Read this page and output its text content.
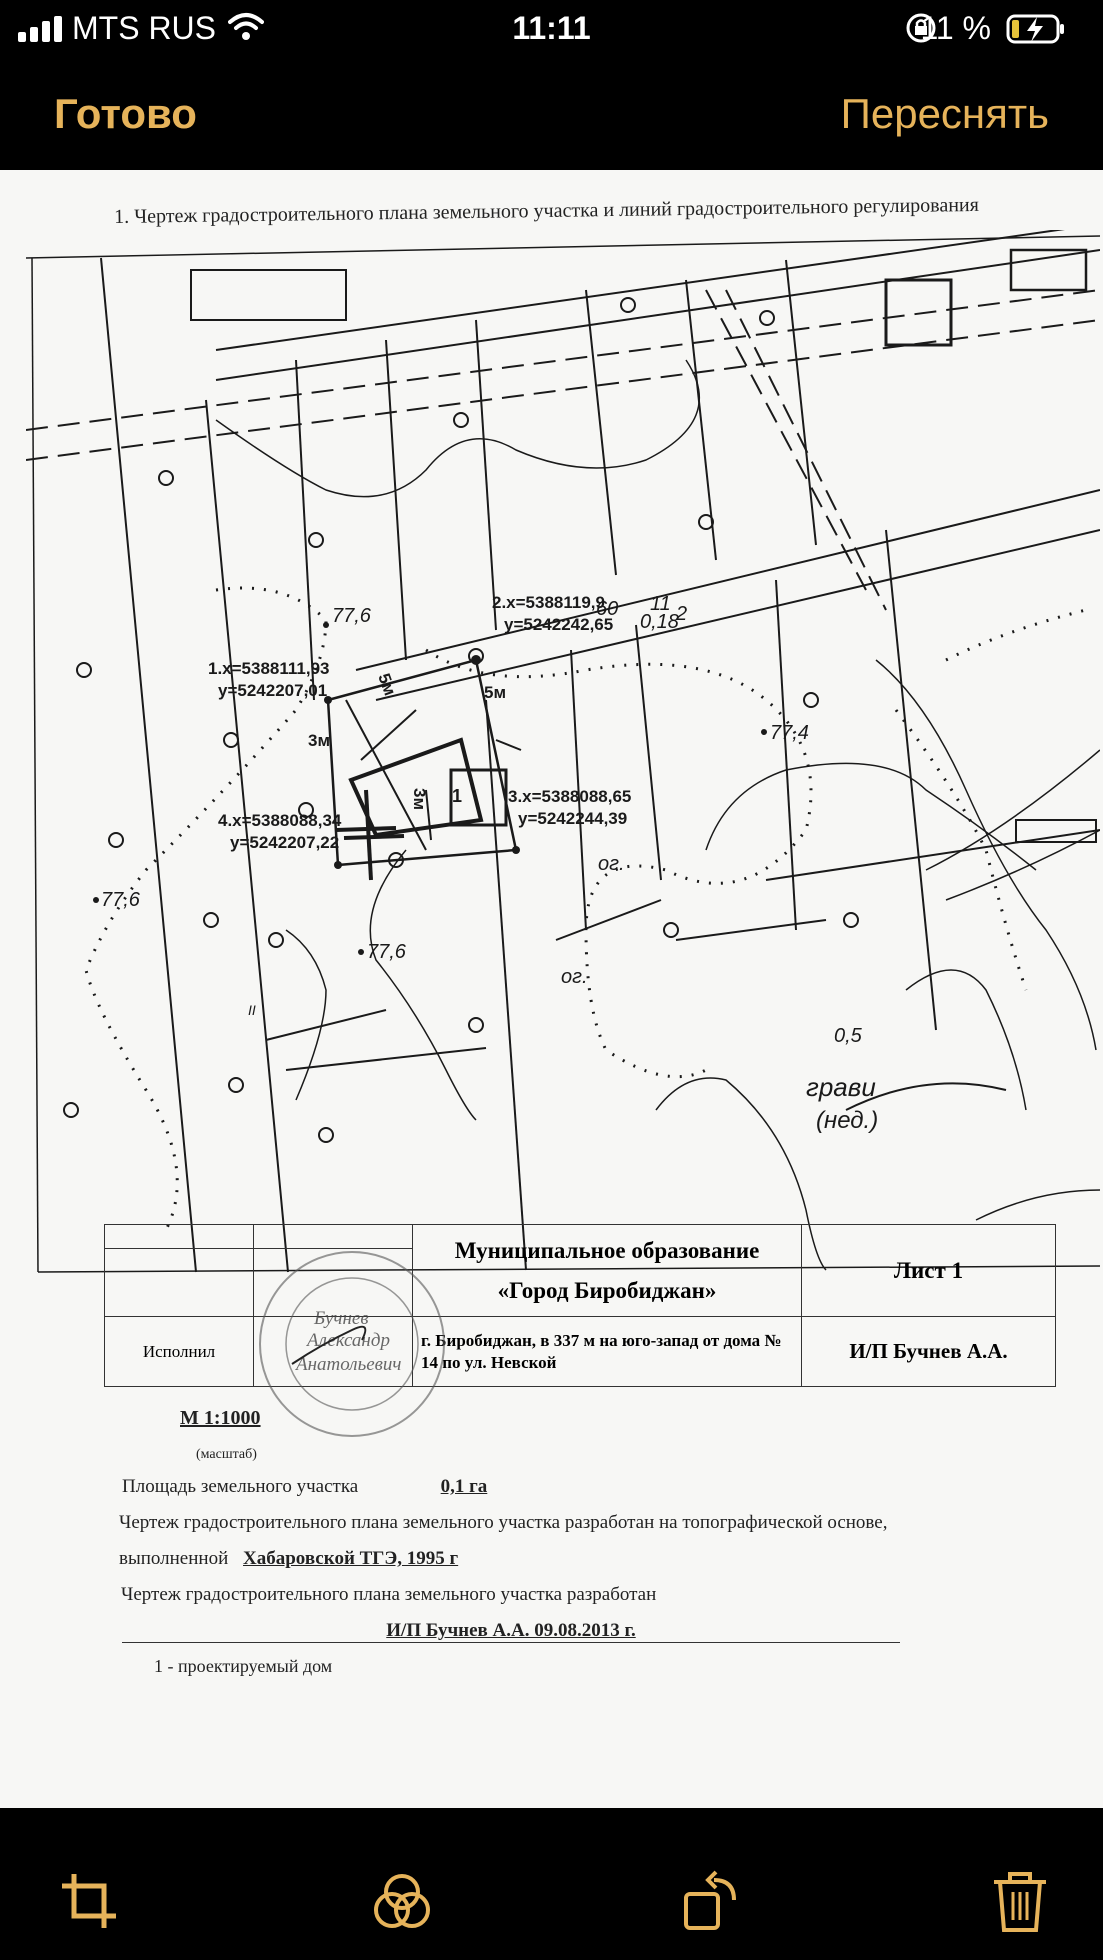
MTS RUS	11:11	11 %
Готово	Переснять
1. Чертеж градостроительного плана земельного участка и линий градостроительного регулирования
1.x=5388111,93
y=5242207,01
2.x=5388119,9
y=5242242,65
3.x=5388088,65
y=5242244,39
4.x=5388088,34
y=5242207,22
5м	5м
3м
3м 1
77,6
77,4
77,6
77,6
11
0,18
2
60
ог.
ог.
грави
(нед.)
0,5
II

		Муниципальное образование
«Город Биробиджан»	Лист 1

Исполнил		г. Биробиджан, в 337 м на юго-запад от дома № 14 по ул. Невской	И/П Бучнев А.А.
Бучнев
Александр
Анатольевич
М 1:1000
(масштаб)
Площадь земельного участка	0,1 га
Чертеж градостроительного плана земельного участка разработан на топографической основе,
выполненной Хабаровской ТГЭ, 1995 г
Чертеж градостроительного плана земельного участка разработан
И/П Бучнев А.А. 09.08.2013 г.
1 - проектируемый дом
